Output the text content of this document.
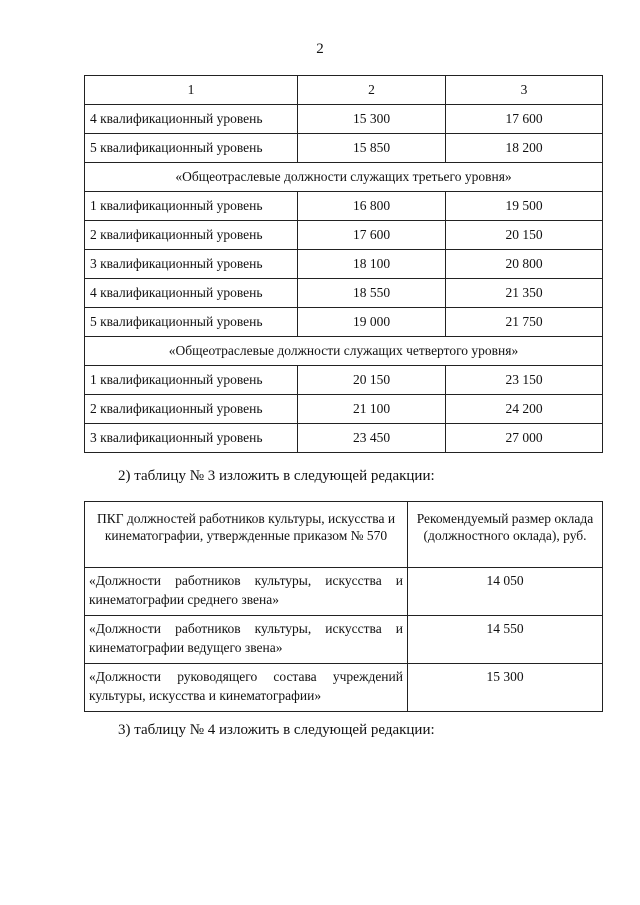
2
1	2	3
4 квалификационный уровень	15 300	17 600
5 квалификационный уровень	15 850	18 200
«Общеотраслевые должности служащих третьего уровня»		
1 квалификационный уровень	16 800	19 500
2 квалификационный уровень	17 600	20 150
3 квалификационный уровень	18 100	20 800
4 квалификационный уровень	18 550	21 350
5 квалификационный уровень	19 000	21 750
«Общеотраслевые должности служащих четвертого уровня»		
1 квалификационный уровень	20 150	23 150
2 квалификационный уровень	21 100	24 200
3 квалификационный уровень	23 450	27 000
2) таблицу № 3 изложить в следующей редакции:
ПКГ должностей работников культуры, искусства и кинематографии, утвержденные приказом № 570	Рекомендуемый размер оклада (должностного оклада), руб.
«Должности работников культуры, искусства и кинематографии среднего звена»	14 050
«Должности работников культуры, искусства и кинематографии ведущего звена»	14 550
«Должности руководящего состава учреждений культуры, искусства и кинематографии»	15 300
3) таблицу № 4 изложить в следующей редакции:
